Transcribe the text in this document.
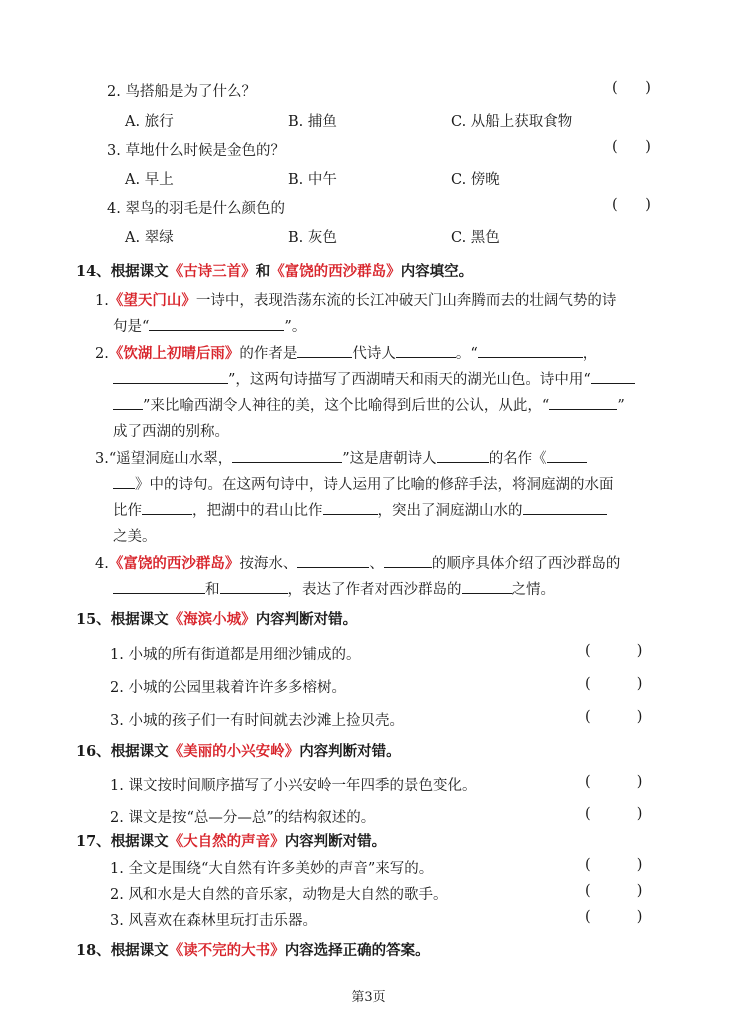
2. 鸟搭船是为了什么？	(      )
A. 旅行	B. 捕鱼	C. 从船上获取食物
3. 草地什么时候是金色的？	(      )
A. 早上	B. 中午	C. 傍晚
4. 翠鸟的羽毛是什么颜色的	(      )
A. 翠绿	B. 灰色	C. 黑色
14、根据课文《古诗三首》和《富饶的西沙群岛》内容填空。
1.《望天门山》一诗中，表现浩荡东流的长江冲破天门山奔腾而去的壮阔气势的诗
句是“	”。
2.《饮湖上初晴后雨》的作者是	代诗人	。“	，
”，这两句诗描写了西湖晴天和雨天的湖光山色。诗中用“
”来比喻西湖令人神往的美，这个比喻得到后世的公认，从此，“	”
成了西湖的别称。
3.“遥望洞庭山水翠，	”这是唐朝诗人	的名作《
》中的诗句。在这两句诗中，诗人运用了比喻的修辞手法，将洞庭湖的水面
比作	，把湖中的君山比作	，突出了洞庭湖山水的
之美。
4.《富饶的西沙群岛》按海水、	、	的顺序具体介绍了西沙群岛的
和	，表达了作者对西沙群岛的	之情。
15、根据课文《海滨小城》内容判断对错。
1. 小城的所有街道都是用细沙铺成的。	(          )
2. 小城的公园里栽着许许多多榕树。	(          )
3. 小城的孩子们一有时间就去沙滩上捡贝壳。	(          )
16、根据课文《美丽的小兴安岭》内容判断对错。
1. 课文按时间顺序描写了小兴安岭一年四季的景色变化。	(          )
2. 课文是按“总—分—总”的结构叙述的。	(          )
17、根据课文《大自然的声音》内容判断对错。
1. 全文是围绕“大自然有许多美妙的声音”来写的。	(          )
2. 风和水是大自然的音乐家，动物是大自然的歌手。	(          )
3. 风喜欢在森林里玩打击乐器。	(          )
18、根据课文《读不完的大书》内容选择正确的答案。
第3页
